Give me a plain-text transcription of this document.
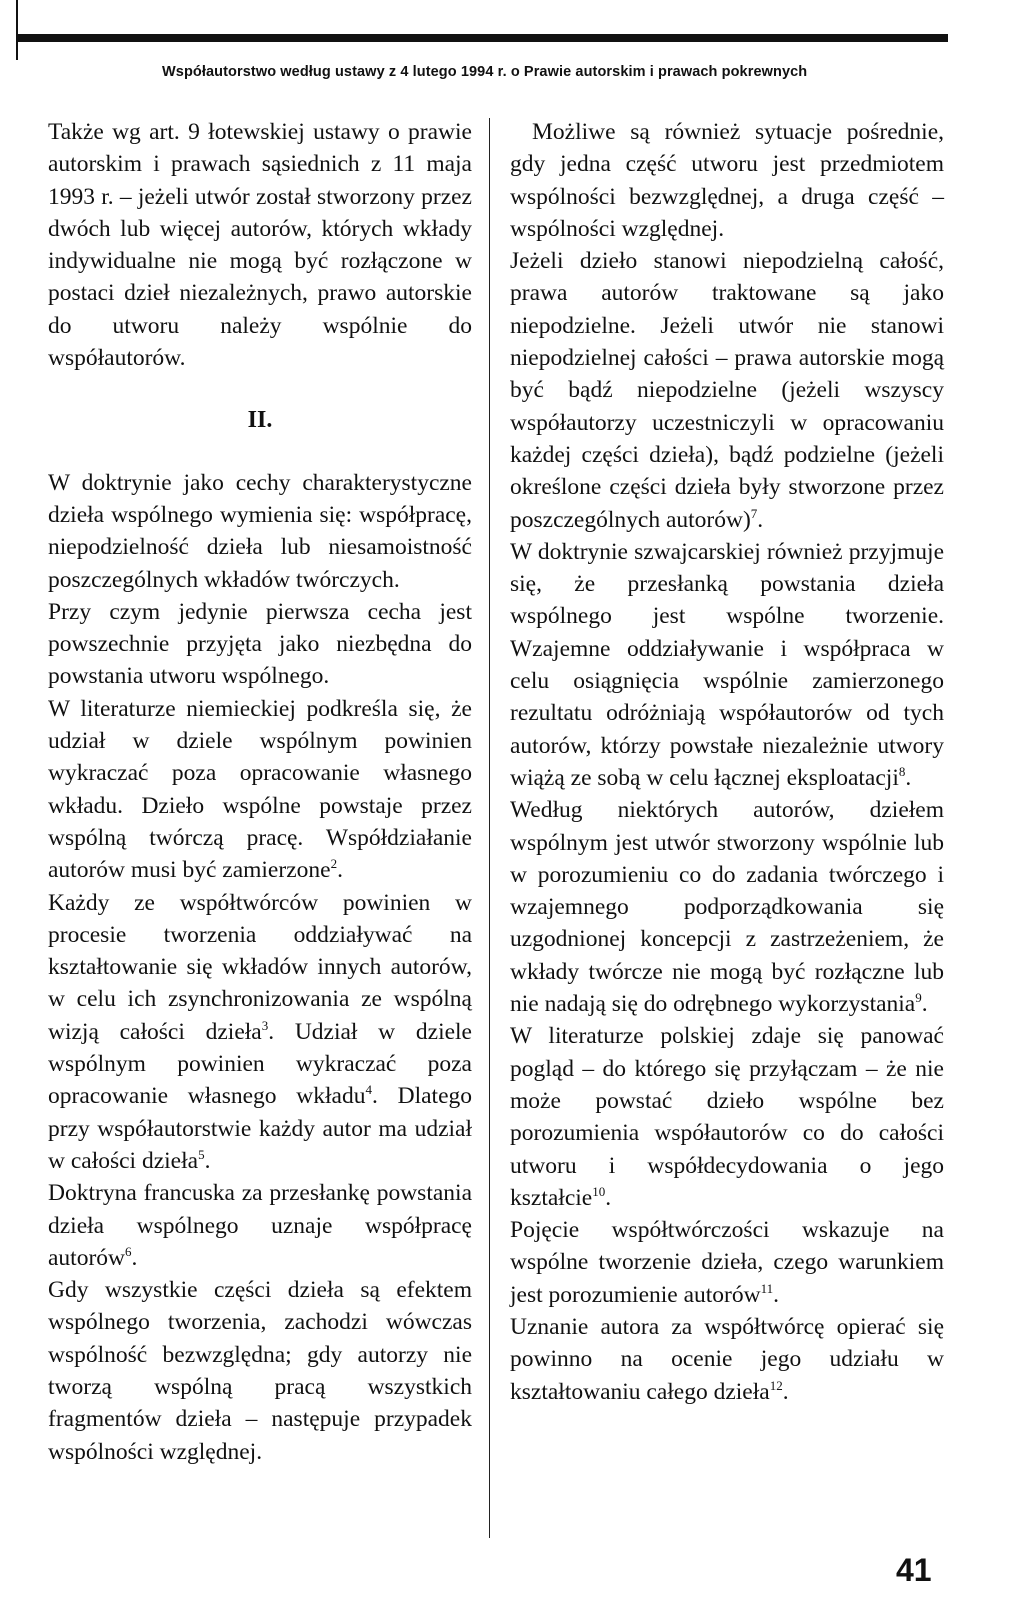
Współautorstwo według ustawy z 4 lutego 1994 r. o Prawie autorskim i prawach pokrewnych

Także wg art. 9 łotewskiej ustawy o prawie autorskim i prawach sąsiednich z 11 maja 1993 r. – jeżeli utwór został stworzony przez dwóch lub więcej autorów, których wkłady indywidualne nie mogą być rozłączone w postaci dzieł niezależnych, prawo autorskie do utworu należy wspólnie do współautorów.

II.

W doktrynie jako cechy charakterystyczne dzieła wspólnego wymienia się: współpracę, niepodzielność dzieła lub niesamoistność poszczególnych wkładów twórczych.

Przy czym jedynie pierwsza cecha jest powszechnie przyjęta jako niezbędna do powstania utworu wspólnego.

W literaturze niemieckiej podkreśla się, że udział w dziele wspólnym powinien wykraczać poza opracowanie własnego wkładu. Dzieło wspólne powstaje przez wspólną twórczą pracę. Współdziałanie autorów musi być zamierzone$^2$.

Każdy ze współtwórców powinien w procesie tworzenia oddziaływać na kształtowanie się wkładów innych autorów, w celu ich zsynchronizowania ze wspólną wizją całości dzieła$^3$. Udział w dziele wspólnym powinien wykraczać poza opracowanie własnego wkładu$^4$. Dlatego przy współautorstwie każdy autor ma udział w całości dzieła$^5$.

Doktryna francuska za przesłankę powstania dzieła wspólnego uznaje współpracę autorów$^6$.

Gdy wszystkie części dzieła są efektem wspólnego tworzenia, zachodzi wówczas wspólność bezwzględna; gdy autorzy nie tworzą wspólną pracą wszystkich fragmentów dzieła – następuje przypadek wspólności względnej.

Możliwe są również sytuacje pośrednie, gdy jedna część utworu jest przedmiotem wspólności bezwzględnej, a druga część – wspólności względnej.

Jeżeli dzieło stanowi niepodzielną całość, prawa autorów traktowane są jako niepodzielne. Jeżeli utwór nie stanowi niepodzielnej całości – prawa autorskie mogą być bądź niepodzielne (jeżeli wszyscy współautorzy uczestniczyli w opracowaniu każdej części dzieła), bądź podzielne (jeżeli określone części dzieła były stworzone przez poszczególnych autorów)$^7$.

W doktrynie szwajcarskiej również przyjmuje się, że przesłanką powstania dzieła wspólnego jest wspólne tworzenie. Wzajemne oddziaływanie i współpraca w celu osiągnięcia wspólnie zamierzonego rezultatu odróżniają współautorów od tych autorów, którzy powstałe niezależnie utwory wiążą ze sobą w celu łącznej eksploatacji$^8$.

Według niektórych autorów, dziełem wspólnym jest utwór stworzony wspólnie lub w porozumieniu co do zadania twórczego i wzajemnego podporządkowania się uzgodnionej koncepcji z zastrzeżeniem, że wkłady twórcze nie mogą być rozłączne lub nie nadają się do odrębnego wykorzystania$^9$.

W literaturze polskiej zdaje się panować pogląd – do którego się przyłączam – że nie może powstać dzieło wspólne bez porozumienia współautorów co do całości utworu i współdecydowania o jego kształcie$^{10}$.

Pojęcie współtwórczości wskazuje na wspólne tworzenie dzieła, czego warunkiem jest porozumienie autorów$^{11}$.

Uznanie autora za współtwórcę opierać się powinno na ocenie jego udziału w kształtowaniu całego dzieła$^{12}$.

41
